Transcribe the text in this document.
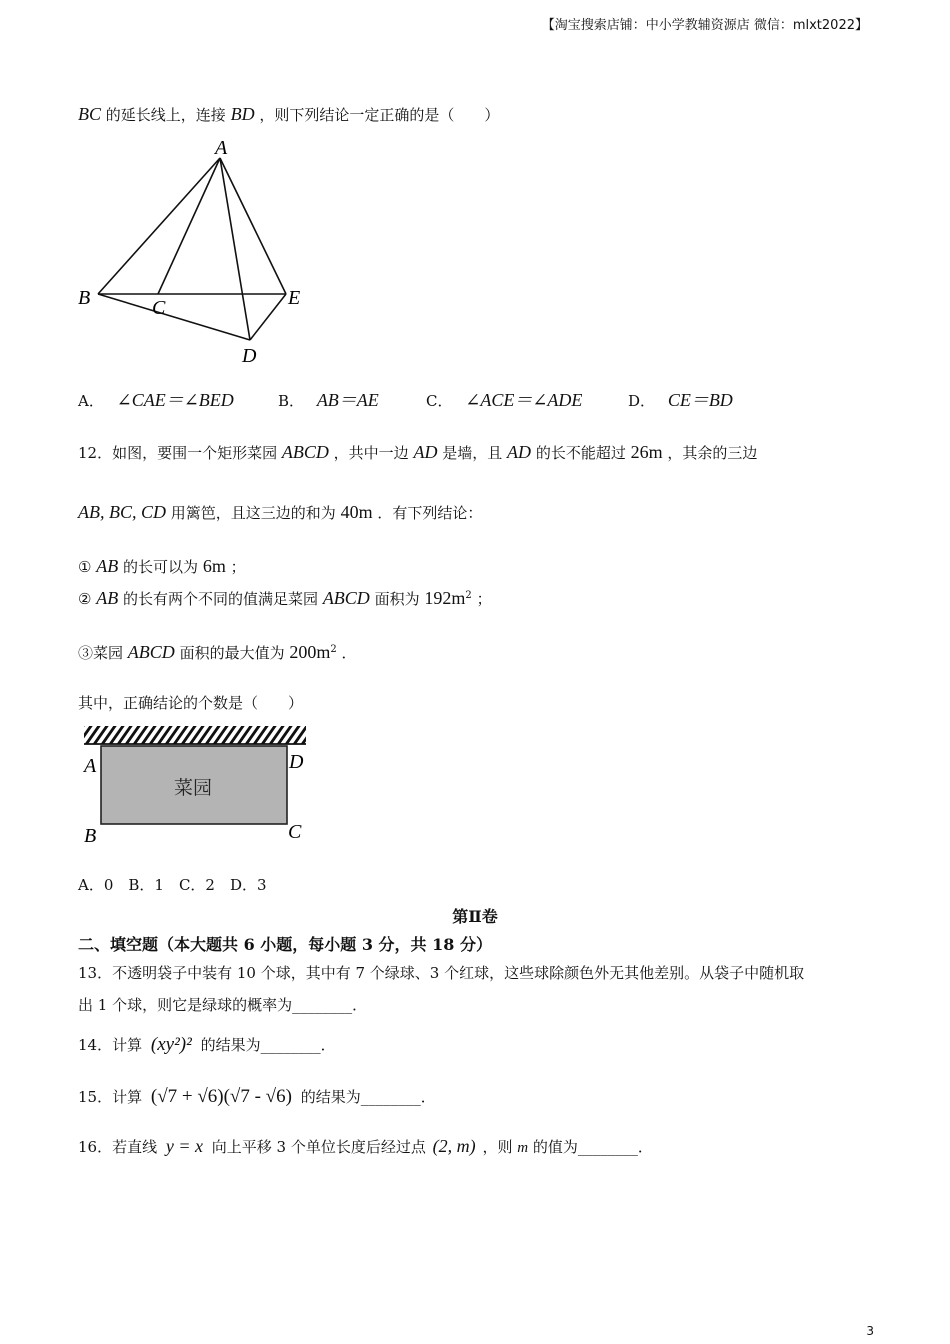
【淘宝搜索店铺：中小学教辅资源店 微信：mlxt2022】
BC 的延长线上，连接 BD ，则下列结论一定正确的是（　　）
A
B	C
D
E
A． ∠CAE＝∠BED	B． AB＝AE	C． ∠ACE＝∠ADE	D． CE＝BD
12．如图，要围一个矩形菜园 ABCD ，共中一边 AD 是墙，且 AD 的长不能超过 26m ，其余的三边
AB, BC, CD 用篱笆，且这三边的和为 40m ．有下列结论：
① AB 的长可以为 6m ；
② AB 的长有两个不同的值满足菜园 ABCD 面积为 $192m^2$ ；
③菜园 ABCD 面积的最大值为 $200m^2$ ．
其中，正确结论的个数是（　　）
A	D
B	C
菜园
A．0　B．1　C．2　D．3
第Ⅱ卷
二、填空题（本大题共 6 小题，每小题 3 分，共 18 分）
13．不透明袋子中装有 10 个球，其中有 7 个绿球、3 个红球，这些球除颜色外无其他差别。从袋子中随机取
出 1 个球，则它是绿球的概率为________．
14．计算 (xy²)² 的结果为________．
15．计算 (√7 + √6)(√7 - √6) 的结果为________．
16．若直线 y = x 向上平移 3 个单位长度后经过点 (2, m) ，则 m 的值为________．
3
